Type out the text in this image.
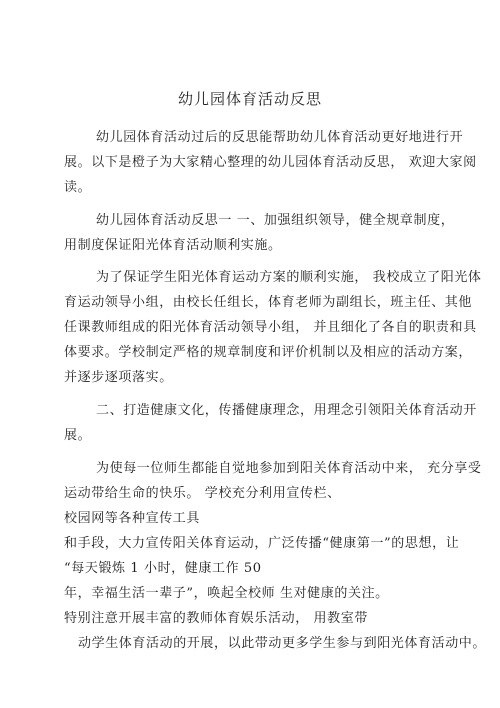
幼儿园体育活动反思
幼儿园体育活动过后的反思能帮助幼儿体育活动更好地进行开
展。以下是橙子为大家精心整理的幼儿园体育活动反思， 欢迎大家阅
读。
幼儿园体育活动反思一 一、加强组织领导，健全规章制度，
用制度保证阳光体育活动顺利实施。
为了保证学生阳光体育运动方案的顺利实施， 我校成立了阳光体
育运动领导小组，由校长任组长，体育老师为副组长，班主任、其他
任课教师组成的阳光体育活动领导小组， 并且细化了各自的职责和具
体要求。学校制定严格的规章制度和评价机制以及相应的活动方案，
并逐步逐项落实。
二、打造健康文化，传播健康理念，用理念引领阳关体育活动开
展。
为使每一位师生都能自觉地参加到阳关体育活动中来， 充分享受
运动带给生命的快乐。 学校充分利用宣传栏、
校园网等各种宣传工具
和手段，大力宣传阳关体育运动，广泛传播“健康第一”的思想，让
“每天锻炼 1 小时，健康工作 50
年，幸福生活一辈子”，唤起全校师 生对健康的关注。
特别注意开展丰富的教师体育娱乐活动， 用教室带
动学生体育活动的开展，以此带动更多学生参与到阳光体育活动中。
